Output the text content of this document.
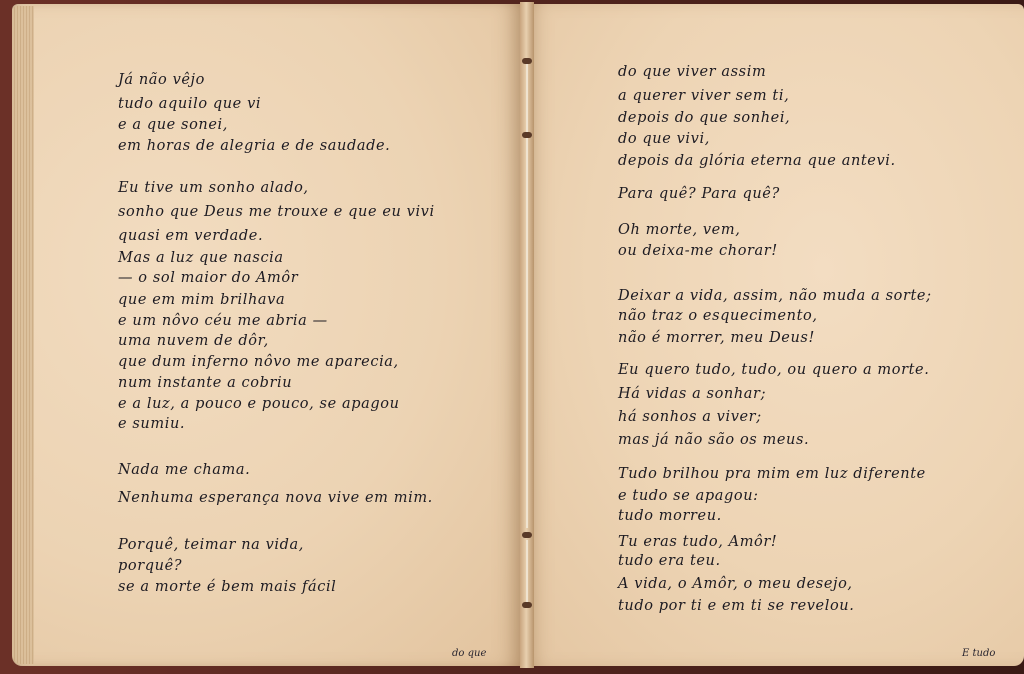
Já não vêjo
tudo aquilo que vi
e a que sonei,
em horas de alegria e de saudade.
Eu tive um sonho alado,
sonho que Deus me trouxe e que eu vivi
quasi em verdade.
Mas a luz que nascia
— o sol maior do Amôr
que em mim brilhava
e um nôvo céu me abria —
uma nuvem de dôr,
que dum inferno nôvo me aparecia,
num instante a cobriu
e a luz, a pouco e pouco, se apagou
e sumiu.
Nada me chama.
Nenhuma esperança nova vive em mim.
Porquê, teimar na vida,
porquê?
se a morte é bem mais fácil
do que
do que viver assim
a querer viver sem ti,
depois do que sonhei,
do que vivi,
depois da glória eterna que antevi.
Para quê? Para quê?
Oh morte, vem,
ou deixa-me chorar!
Deixar a vida, assim, não muda a sorte;
não traz o esquecimento,
não é morrer, meu Deus!
Eu quero tudo, tudo, ou quero a morte.
Há vidas a sonhar;
há sonhos a viver;
mas já não são os meus.
Tudo brilhou pra mim em luz diferente
e tudo se apagou:
tudo morreu.
Tu eras tudo, Amôr!
tudo era teu.
A vida, o Amôr, o meu desejo,
tudo por ti e em ti se revelou.
E tudo
